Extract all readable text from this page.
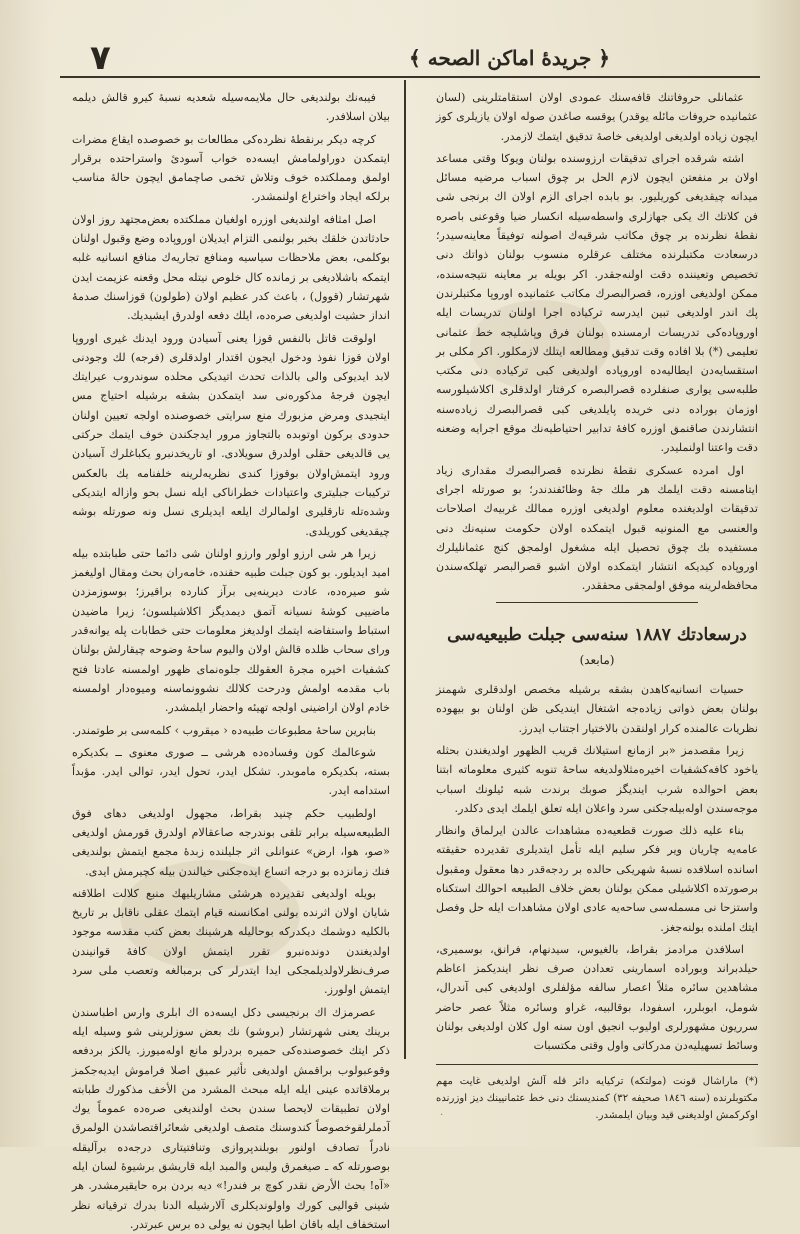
٧	﴿ جريدهٔ اماكن الصحه ﴾

عثمانلی حروفاتنك قافه‌سنك عمودی اولان استقامتلرینی (لسان عثمانیده حروفات مائله یوقدر) یوقسه صاغدن صوله اولان یازیلری كوز ایچون زیاده اولدیغی اولدیغی خاصهٔ تدقیق ایتمك لازمدر.

اشته شرقده اجرای تدقیقات ارزوسنده بولنان ویوكا وقتی مساعد اولان بر منفعتن ایچون لازم الحل بر چوق اسباب مرضیه مسائل میدانه چیقدیغی كوریلیور. بو بابده اجرای الزم اولان اك برنجی شی فن كلاتك اك یکی جهازلری واسطه‌سیله انكسار ضیا وقوعنی باصره نقطهٔ نظرنده بر چوق مكاتب شرقیه‌ك اصولنه توفیقاً معاینه‌سیدر؛ درسعادت مكتبلرنده مختلف عرقلره منسوب بولنان ذواتك دنی تخصیص وتعیننده دقت اولنه‌جقدر. اكر بویله بر معاینه نتیجه‌سنده، ممكن اولدیغی اوزره، قصرالبصرك مكاتب عثمانیده اوروپا مكتبلرندن پك اندر اولدیغی تبین ایدرسه تركیاده اجرا اولنان تدریسات ایله اوروپاده‌كی تدریسات ارمسنده بولنان فرق وپاشلیجه خط عثمانی تعلیمی (*) بلا افاده وقت تدقیق ومطالعه ایتلك لازمكلور. اكر مكلی بر استقسایه‌دن ایطالیه‌ده اوروپاده اولدیغی كبی تركیاده دنی مكتب طلبه‌سی یواری صنفلرده قصرالبصره كرفتار اولدقلری اكلاشیلورسه اوزمان بوراده دنی خریده پایلدیغی كبی قصرالبصرك زیاده‌سنه انتشارندن صاقنمق اوزره كافهٔ تدابیر احتیاطیه‌نك موقع اجرایه وضعنه دقت واعتنا اولنملیدر.

اول امرده عسكری نقطهٔ نظرنده قصرالبصرك مقداری زیاد ایتامسنه دقت ایلمك هر ملك جهٔ وظائفندندر؛ بو صورتله اجرای تدقیقات اولدیغنده معلوم اولدیغی اوزره ممالك غربیه‌ك اصلاحات والعنسی مع المنونیه قبول ایتمكده اولان حكومت سنیه‌نك دنی مستفیده بك چوق تحصیل ایله مشغول اولمجق كنج عثمانلیلرك اوروپاده كیدیكه انتشار ایتمكده اولان اشبو قصرالبصر تهلكه‌سندن محافظه‌لرینه موفق اولمجقی محققدر.

درسعادتك ١٨٨٧ سنه‌سی جبلت طبیعیه‌سی
(مابعد)

حسیات انسانیه‌كاهدن بشقه برشیله مخصص اولدقلری شهمنز بولنان بعض ذواتی زیاده‌جه اشتغال ایندیكی ظن اولنان بو بیهوده نظریات عالمنده كرار اولنقدن بالاختیار اجتناب ایدرز.

زیرا مقصدمز «بر ازمانع استیلانك قریب الظهور اولدیغندن بحثله یاخود كافه‌كشفیات اخیره‌مثلاولدیغه ساحهٔ تنوبه كثیری معلوماته ابتنا بعض احوالده شرب ایندیگز صوبك برندت شبه ئیلونك اسباب موجه‌سندن اوله‌بیله‌جكنی سرد واعلان ایله تعلق ایلمك ایدی دكلدر.

بناء علیه ذلك صورت قطعیه‌ده مشاهدات عالدن ایرلماق وانظار عامه‌یه چاریان ویر فكر سلیم ایله تأمل ایتدیلری تقدیرده حقیقته اسانده اسلافده نسبهٔ شهریكی حالده بر ردجه‌قدر دها معقول ومقبول برصورتده اكلاشیلی ممكن بولنان بعض خلاف الطبیعه احوالك استكناه واستزحا نی مسمله‌سی ساحه‌یه عادی اولان مشاهدات ایله حل وفصل ایتك املنده بولنه‌جغز.

اسلافدن مرادمز بقراط، بالغیوس، سیدنهام، فرانق، بوسمیری، حیلدبراند وبوراده اسمارینی تعدادن صرف نظر ایندیكمز اعاظم مشاهدین سائره مثلاً اعصار سالفه مؤلفلری اولدیغی كبی آندرال، شومل، ابوبلرر، اسفودا، بوقالبیه، غراو وسائره مثلاً عصر حاضر سرریون مشهورلری اولیوب انجیق اون سنه اول كلان اولدیغی بولنان وسائط تسهیلیه‌دن مدركاتی واول وقتی مكتسبات

(*) ماراشال قونت (مولتكه) تركیایه دائر قله آلش اولدیغی غایت مهم مكتوبلرنده (سنه ١٨٤٦ صحیفه ٣٢) كمندیسنك دنی خط عثمانیینك دیز اوزرنده اوكركمش اولدیغنی قید وبیان ایلمشدر.

فیبه‌نك بولندیغی حال ملایمه‌سیله شعدیه نسبهٔ كیرو قالش دیلمه بیلان اسلافدر.

كرچه دیكر برنقطهٔ نظرده‌كی مطالعات بو خصوصده ایقاع مضرات ایتمكدن دوراولمامش ایسه‌ده خواب آسودئ واستراحتده برقرار اولمق ومملكتده خوف وتلاش تخمی صاچمامق ایچون حالهٔ مناسب برلكه ایجاد واختراع اولنمشدر.

اصل امثافه اولندیغی اوزره اولغیان مملكتده بعض‌مجتهد روز اولان حادثاتدن خلقك بخبر بولنمی التزام ایدیلان اوروپاده وضع وقبول اولنان بوكلمی، بعض ملاحظات سیاسیه ومنافع تجاریه‌ك منافع انسانیه غلبه ایتمكه باشلادیغی بر زمانده كال خلوص نیتله محل وقعنه عزیمت ایدن شهرتشار (قوول) ، باعث كدر عظیم اولان (طولون) قوزاسنك صدمهٔ انداز حشیت اولدیغی صره‌ده، ایلك دفعه اولدرق ایشیدیك.

اولوقت قاتل بالنفس قوزا یعنی آسیادن ورود ایدنك غیری اوروپا اولان قوزا نفوذ ودخول ایجون اقتدار اولدقلری (فرجه) لك وجودنی لابد ایدیوكی والی بالذات تحدث اتیدیكی محلده سوندروب عیرایتك ایچون فرجهٔ مذكوره‌نی سد ایتمكدن بشقه برشیله احتیاج مس ایتجیدی ومرض مزبورك منع سرایتی خصوصنده اولجه تعیین اولنان حدودی بركون اوتوبده بالتجاوز مرور ایدجكندن خوف ایتمك حركتی یی قالدیغی حقلی اولدرق سویلادی. او تاریخدنبرو یكباغلرك آسیادن ورود ایتمش‌اولان بوقوزا كندی نظریه‌لرینه خلفنامه یك بالعكس تركیبات جبلیتری واعتیادات خطراناكی ایله نسل بحو وازاله ایتدیكی وشده‌تله تارقلیری اولمالرك ایلعه ایدیلری نسل ونه صورتله بوشه چیقدیغی كوریلدی.

زیرا هر شی ارزو اولور وارزو اولنان شی دائما حتی طبابتده بیله امید ایدیلور. بو كون جبلت طبیه حقنده، خامه‌ران بحث ومقال اولیغمز شو صیره‌ده، عادت دیرینه‌یی برآز كنارده براقیرز؛ بوسوزمزدن ماضییی كوشهٔ نسیانه آتمق دیمدیگز اكلاشیلسون؛ زیرا ماضیدن استباط واستفاضه ایتمك اولدیغز معلومات حتی خطابات پله یوانه‌قدر ورای سحاب ظلده قالش اولان والیوم ساحهٔ وضوحه چیقارلش بولنان كشفیات اخیره مجرهٔ العقولك جلوه‌نمای ظهور اولمسنه عادتا فتح باب مقدمه اولمش ودرحت كلالك نشوونماسنه ومیوه‌دار اولمسنه خادم اولان اراضینی اولجه تهیئه واحضار ایلمشدر.

بنابرین ساحهٔ مطبوعات طبیه‌ده ‹ میقروب › كلمه‌سی بر طوتمندر.

شوعالمك كون وفساده‌ده هرشی ــ صوری معنوی ــ بكدیكره بسته، بكدیكره ماموبدر. تشكل ایدر، تحول ایدر، توالی ایدر. مؤبداً استدامه ایدر.

اولطبیب حكم چنيد بقراط، مجهول اولدیغی دهای فوق الطبیعه‌سیله برابر تلقی بوندرجه صاعقالام اولدرق قورمش اولدیغی «صو، هوا، ارض» عنوانلی اثر جلیلنده زبدهٔ مجمع ایتمش بولندیغی فنك زمانزده بو درجه اتساع ایده‌جكنی خیالندن بیله كچیرمش ایدی.

بویله اولدیغی تقدیرده هرشئی مشاریلیهك منبع كلالت اطلاقنه شایان اولان اثرنده بولنی امكانسنه قیام ایتمك عقلی ناقابل بر تاریخ بالكلیه دوشمك دیكدركه بوحالیله هرشینك بعض كتب مقدسه موجود اولدیغندن دونده‌نبرو تقرر ایتمش اولان كافهٔ قوانیندن صرف‌نظرلاولدیلمجكی ایدا ایتدرلر كی برمبالغه وتعصب ملی سرد ایتمش اولورز.

عصرمزك اك برنجیسی دكل ایسه‌ده اك ابلری وارس اطباسندن برینك یعنی شهرتشار (بروشو) نك بعض سوزلرینی شو وسیله ایله ذكر ایتك خصوصنده‌كی حمیره بردرلو مانع اوله‌میورز. یالكز بردفعه وقوعبولوب براقمش اولدیغی تأثیر عمیق اصلا فراموش ایدیه‌جكمز برملاقاتده عینی ایله ایله مبحث المشرد من الأخف مذكورك طبابته اولان تطبیقات لایحصا سندن بحث اولندیغی صره‌ده عموماً یوك آدملرلقوخصوصاً كندوسنك متصف اولدیغی شعائراقتصاشدن الولمرق نادراً تصادف اولنور بوبلندپروازی وتنافتیتاری درجه‌ده برآلیقله بوصورتله كه ـ صیغمرق ولیس والمبد ایله قاریشق برشیوهٔ لسان ایله «آه! بحث الأرض نقدر كوچ بر فندر!» دیه بردن بره حایقیرمشدر. هر شینی قوالیی كورك واولوندیكلری آلارشیله الدنا بدرك ترقیاته نظر استخفاف ایله باقان اطبا ایجون نه یولی ده برس عبرتدر.

·
